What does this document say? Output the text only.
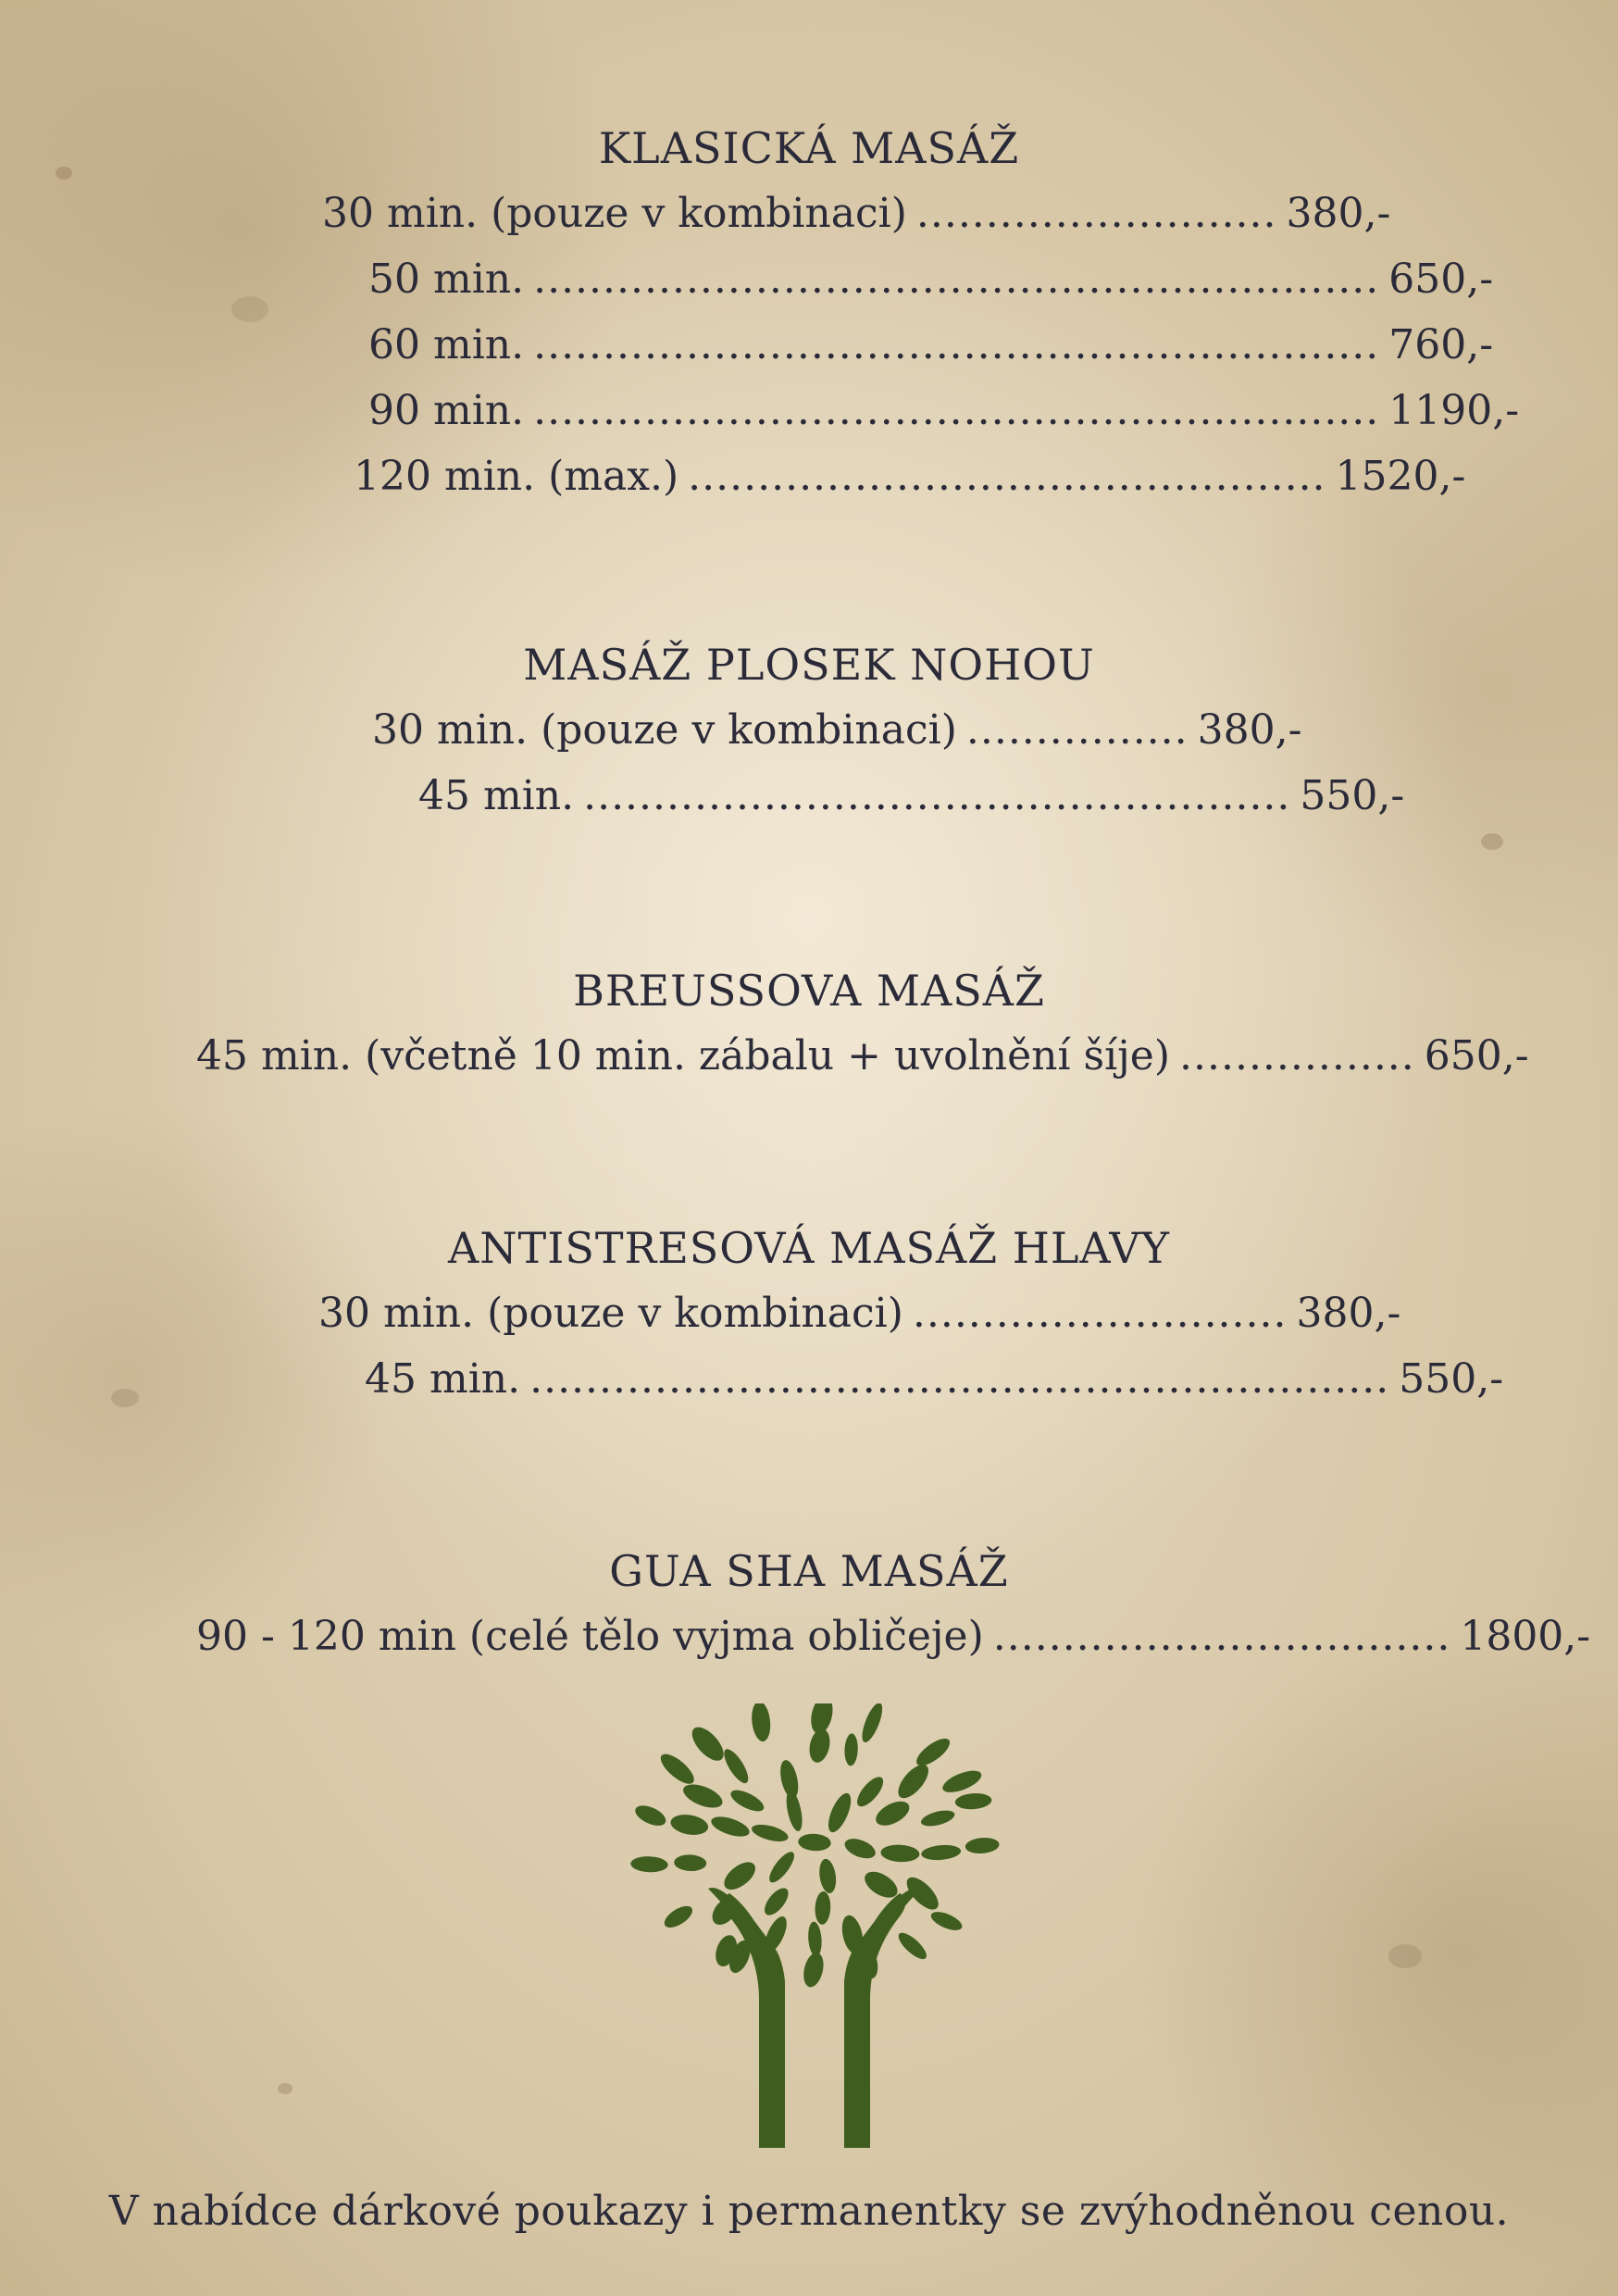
KLASICKÁ MASÁŽ
30 min. (pouze v kombinaci) .......................... 380,-
50 min. ............................................................. 650,-
60 min. ............................................................. 760,-
90 min. ............................................................. 1190,-
120 min. (max.) .............................................. 1520,-
MASÁŽ PLOSEK NOHOU
30 min. (pouze v kombinaci) ................ 380,-
45 min. ................................................... 550,-
BREUSSOVA MASÁŽ
45 min. (včetně 10 min. zábalu + uvolnění šíje) ................. 650,-
ANTISTRESOVÁ MASÁŽ HLAVY
30 min. (pouze v kombinaci) ........................... 380,-
45 min. .............................................................. 550,-
GUA SHA MASÁŽ
90 - 120 min (celé tělo vyjma obličeje) ................................. 1800,-
V nabídce dárkové poukazy i permanentky se zvýhodněnou cenou.
